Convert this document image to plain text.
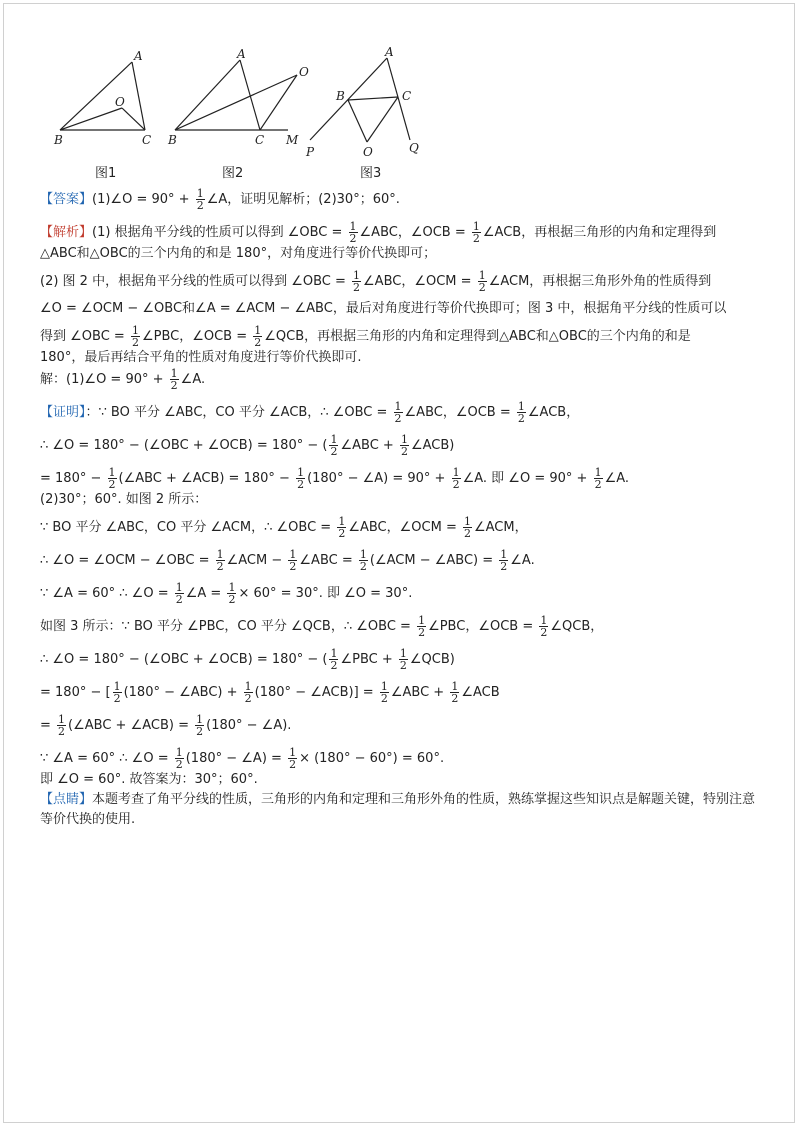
A
O
B	C
图1
A
O
B	C M
图2
A
B	C
P	O	Q
图3
【答案】(1)∠O = $90^\circ + \frac{1}{2}$ ∠A，证明见解析；(2)30°；60°.
【解析】(1) 根据角平分线的性质可以得到 ∠OBC = $\frac{1}{2}$ ∠ABC，∠OCB = $\frac{1}{2}$ ∠ACB，再根据三角形的内角和定理得到
△ABC和△OBC的三个内角的和是 180°，对角度进行等价代换即可；
(2) 图 2 中，根据角平分线的性质可以得到 ∠OBC = $\frac{1}{2}$ ∠ABC，∠OCM = $\frac{1}{2}$ ∠ACM，再根据三角形外角的性质得到
∠O = ∠OCM − ∠OBC和∠A = ∠ACM − ∠ABC，最后对角度进行等价代换即可；图 3 中，根据角平分线的性质可以
得到 ∠OBC = $\frac{1}{2}$ ∠PBC，∠OCB = $\frac{1}{2}$ ∠QCB，再根据三角形的内角和定理得到△ABC和△OBC的三个内角的和是
180°，最后再结合平角的性质对角度进行等价代换即可.
解：(1)∠O = $90^\circ + \frac{1}{2}$ ∠A.
【证明】：∵ BO 平分 ∠ABC，CO 平分 ∠ACB，∴ ∠OBC = $\frac{1}{2}$ ∠ABC，∠OCB = $\frac{1}{2}$ ∠ACB，
∴ ∠O = 180° − (∠OBC + ∠OCB) = 180° − ( $\frac{1}{2}$ ∠ABC + $\frac{1}{2}$ ∠ACB)
= $180^\circ - \frac{1}{2}$ (∠ABC + ∠ACB) = $180^\circ - \frac{1}{2} (180^\circ$ − ∠A) = $90^\circ + \frac{1}{2}$ ∠A. 即 ∠O = $90^\circ + \frac{1}{2}$ ∠A.
(2)30°；60°. 如图 2 所示：
∵ BO 平分 ∠ABC，CO 平分 ∠ACM，∴ ∠OBC = $\frac{1}{2}$ ∠ABC，∠OCM = $\frac{1}{2}$ ∠ACM，
∴ ∠O = ∠OCM − ∠OBC = $\frac{1}{2}$ ∠ACM − $\frac{1}{2}$ ∠ABC = $\frac{1}{2}$ (∠ACM − ∠ABC) = $\frac{1}{2}$ ∠A.
∵ ∠A = 60° ∴ ∠O = $\frac{1}{2}$ ∠A = $\frac{1}{2} \times 60^\circ = 30^\circ$. 即 ∠O = 30°.
如图 3 所示：∵ BO 平分 ∠PBC，CO 平分 ∠QCB，∴ ∠OBC = $\frac{1}{2}$ ∠PBC，∠OCB = $\frac{1}{2}$ ∠QCB，
∴ ∠O = 180° − (∠OBC + ∠OCB) = 180° − ( $\frac{1}{2}$ ∠PBC + $\frac{1}{2}$ ∠QCB)
= 180° − [ $\frac{1}{2} (180^\circ$ − ∠ABC) + $\frac{1}{2} (180^\circ$ − ∠ACB)] = $\frac{1}{2}$ ∠ABC + $\frac{1}{2}$ ∠ACB
= $\frac{1}{2}$ (∠ABC + ∠ACB) = $\frac{1}{2} (180^\circ$ − ∠A).
∵ ∠A = 60° ∴ ∠O = $\frac{1}{2} (180^\circ$ − ∠A) = $\frac{1}{2} \times (180^\circ - 60^\circ) = 60^\circ$.
即 ∠O = 60°. 故答案为：30°；60°.
【点睛】本题考查了角平分线的性质，三角形的内角和定理和三角形外角的性质，熟练掌握这些知识点是解题关键，特别注意等价代换的使用.
